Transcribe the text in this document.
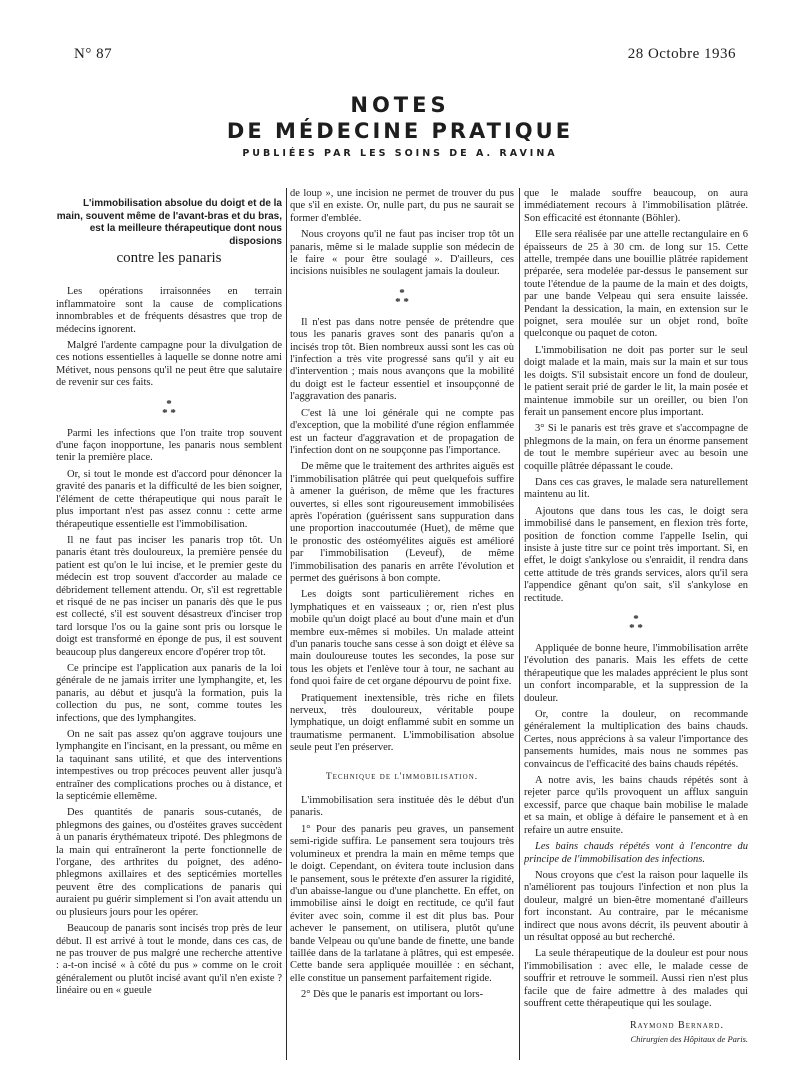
N° 87	28 Octobre 1936
NOTES
DE MÉDECINE PRATIQUE
PUBLIÉES PAR LES SOINS DE A. RAVINA

L'immobilisation absolue du doigt et de la main, souvent même de l'avant-bras et du bras, est la meilleure thérapeutique dont nous disposions

contre les panaris

Les opérations irraisonnées en terrain inflammatoire sont la cause de complications innombrables et de fréquents désastres que trop de médecins ignorent.

Malgré l'ardente campagne pour la divulgation de ces notions essentielles à laquelle se donne notre ami Métivet, nous pensons qu'il ne peut être que salutaire de revenir sur ces faits.

*
* *

Parmi les infections que l'on traite trop souvent d'une façon inopportune, les panaris nous semblent tenir la première place.

Or, si tout le monde est d'accord pour dénoncer la gravité des panaris et la difficulté de les bien soigner, l'élément de cette thérapeutique qui nous paraît le plus important n'est pas assez connu : cette arme thérapeutique essentielle est l'immobilisation.

Il ne faut pas inciser les panaris trop tôt. Un panaris étant très douloureux, la première pensée du patient est qu'on le lui incise, et le premier geste du médecin est trop souvent d'accorder au malade ce débridement tellement attendu. Or, s'il est regrettable et risqué de ne pas inciser un panaris dès que le pus est collecté, s'il est souvent désastreux d'inciser trop tard lorsque l'os ou la gaine sont pris ou lorsque le doigt est transformé en éponge de pus, il est souvent beaucoup plus dangereux encore d'opérer trop tôt.

Ce principe est l'application aux panaris de la loi générale de ne jamais irriter une lymphangite, et, les panaris, au début et jusqu'à la formation, puis la collection du pus, ne sont, comme toutes les infections, que des lymphangites.

On ne sait pas assez qu'on aggrave toujours une lymphangite en l'incisant, en la pressant, ou même en la taquinant sans utilité, et que des interventions intempestives ou trop précoces peuvent aller jusqu'à entraîner des complications proches ou à distance, et la septicémie ellemême.

Des quantités de panaris sous-cutanés, de phlegmons des gaines, ou d'ostéites graves succèdent à un panaris érythémateux tripoté. Des phlegmons de la main qui entraîneront la perte fonctionnelle de l'organe, des arthrites du poignet, des adéno-phlegmons axillaires et des septicémies mortelles peuvent être des complications de panaris qui auraient pu guérir simplement si l'on avait attendu un ou plusieurs jours pour les opérer.

Beaucoup de panaris sont incisés trop près de leur début. Il est arrivé à tout le monde, dans ces cas, de ne pas trouver de pus malgré une recherche attentive : a-t-on incisé « à côté du pus » comme on le croit généralement ou plutôt incisé avant qu'il n'en existe ? linéaire ou en « gueule

de loup », une incision ne permet de trouver du pus que s'il en existe. Or, nulle part, du pus ne saurait se former d'emblée.

Nous croyons qu'il ne faut pas inciser trop tôt un panaris, même si le malade supplie son médecin de le faire « pour être soulagé ». D'ailleurs, ces incisions nuisibles ne soulagent jamais la douleur.

*
* *

Il n'est pas dans notre pensée de prétendre que tous les panaris graves sont des panaris qu'on a incisés trop tôt. Bien nombreux aussi sont les cas où l'infection a très vite progressé sans qu'il y ait eu d'intervention ; mais nous avançons que la mobilité du doigt est le facteur essentiel et insoupçonné de l'aggravation des panaris.

C'est là une loi générale qui ne compte pas d'exception, que la mobilité d'une région enflammée est un facteur d'aggravation et de propagation de l'infection dont on ne soupçonne pas l'importance.

De même que le traitement des arthrites aiguës est l'immobilisation plâtrée qui peut quelquefois suffire à amener la guérison, de même que les fractures ouvertes, si elles sont rigoureusement immobilisées après l'opération (guérissent sans suppuration dans une proportion inaccoutumée (Huet), de même que le pronostic des ostéomyélites aiguës est amélioré par l'immobilisation (Leveuf), de même l'immobilisation des panaris en arrête l'évolution et permet des guérisons à bon compte.

Les doigts sont particulièrement riches en lymphatiques et en vaisseaux ; or, rien n'est plus mobile qu'un doigt placé au bout d'une main et d'un membre eux-mêmes si mobiles. Un malade atteint d'un panaris touche sans cesse à son doigt et élève sa main douloureuse toutes les secondes, la pose sur tous les objets et l'enlève tour à tour, ne sachant au fond quoi faire de cet organe dépourvu de point fixe.

Pratiquement inextensible, très riche en filets nerveux, très douloureux, véritable poupe lymphatique, un doigt enflammé subit en somme un traumatisme permanent. L'immobilisation absolue seule peut l'en préserver.

Technique de l'immobilisation.

L'immobilisation sera instituée dès le début d'un panaris.

1° Pour des panaris peu graves, un pansement semi-rigide suffira. Le pansement sera toujours très volumineux et prendra la main en même temps que le doigt. Cependant, on évitera toute inclusion dans le pansement, sous le prétexte d'en assurer la rigidité, d'un abaisse-langue ou d'une planchette. En effet, on immobilise ainsi le doigt en rectitude, ce qu'il faut éviter avec soin, comme il est dit plus bas. Pour achever le pansement, on utilisera, plutôt qu'une bande Velpeau ou qu'une bande de finette, une bande taillée dans de la tarlatane à plâtres, qui est empesée. Cette bande sera appliquée mouillée : en séchant, elle constitue un pansement parfaitement rigide.

2° Dès que le panaris est important ou lors-

que le malade souffre beaucoup, on aura immédiatement recours à l'immobilisation plâtrée. Son efficacité est étonnante (Böhler).

Elle sera réalisée par une attelle rectangulaire en 6 épaisseurs de 25 à 30 cm. de long sur 15. Cette attelle, trempée dans une bouillie plâtrée rapidement préparée, sera modelée par-dessus le pansement sur toute l'étendue de la paume de la main et des doigts, par une bande Velpeau qui sera ensuite laissée. Pendant la dessication, la main, en extension sur le poignet, sera moulée sur un objet rond, boîte quelconque ou paquet de coton.

L'immobilisation ne doit pas porter sur le seul doigt malade et la main, mais sur la main et sur tous les doigts. S'il subsistait encore un fond de douleur, le patient serait prié de garder le lit, la main posée et maintenue immobile sur un oreiller, ou bien l'on ferait un pansement encore plus important.

3° Si le panaris est très grave et s'accompagne de phlegmons de la main, on fera un énorme pansement de tout le membre supérieur avec au besoin une coquille plâtrée dépassant le coude.

Dans ces cas graves, le malade sera naturellement maintenu au lit.

Ajoutons que dans tous les cas, le doigt sera immobilisé dans le pansement, en flexion très forte, position de fonction comme l'appelle Iselin, qui insiste à juste titre sur ce point très important. Si, en effet, le doigt s'ankylose ou s'enraidit, il rendra dans cette attitude de très grands services, alors qu'il sera l'appendice gênant qu'on sait, s'il s'ankylose en rectitude.

*
* *

Appliquée de bonne heure, l'immobilisation arrête l'évolution des panaris. Mais les effets de cette thérapeutique que les malades apprécient le plus sont un confort incomparable, et la suppression de la douleur.

Or, contre la douleur, on recommande généralement la multiplication des bains chauds. Certes, nous apprécions à sa valeur l'importance des pansements humides, mais nous ne sommes pas convaincus de l'efficacité des bains chauds répétés.

A notre avis, les bains chauds répétés sont à rejeter parce qu'ils provoquent un afflux sanguin excessif, parce que chaque bain mobilise le malade et sa main, et oblige à défaire le pansement et à en refaire un autre ensuite.

Les bains chauds répétés vont à l'encontre du principe de l'immobilisation des infections.

Nous croyons que c'est la raison pour laquelle ils n'améliorent pas toujours l'infection et non plus la douleur, malgré un bien-être momentané d'ailleurs fort inconstant. Au contraire, par le mécanisme indirect que nous avons décrit, ils peuvent aboutir à un résultat opposé au but recherché.

La seule thérapeutique de la douleur est pour nous l'immobilisation : avec elle, le malade cesse de souffrir et retrouve le sommeil. Aussi rien n'est plus facile que de faire admettre à des malades qui souffrent cette thérapeutique qui les soulage.

Raymond Bernard.
Chirurgien des Hôpitaux de Paris.
